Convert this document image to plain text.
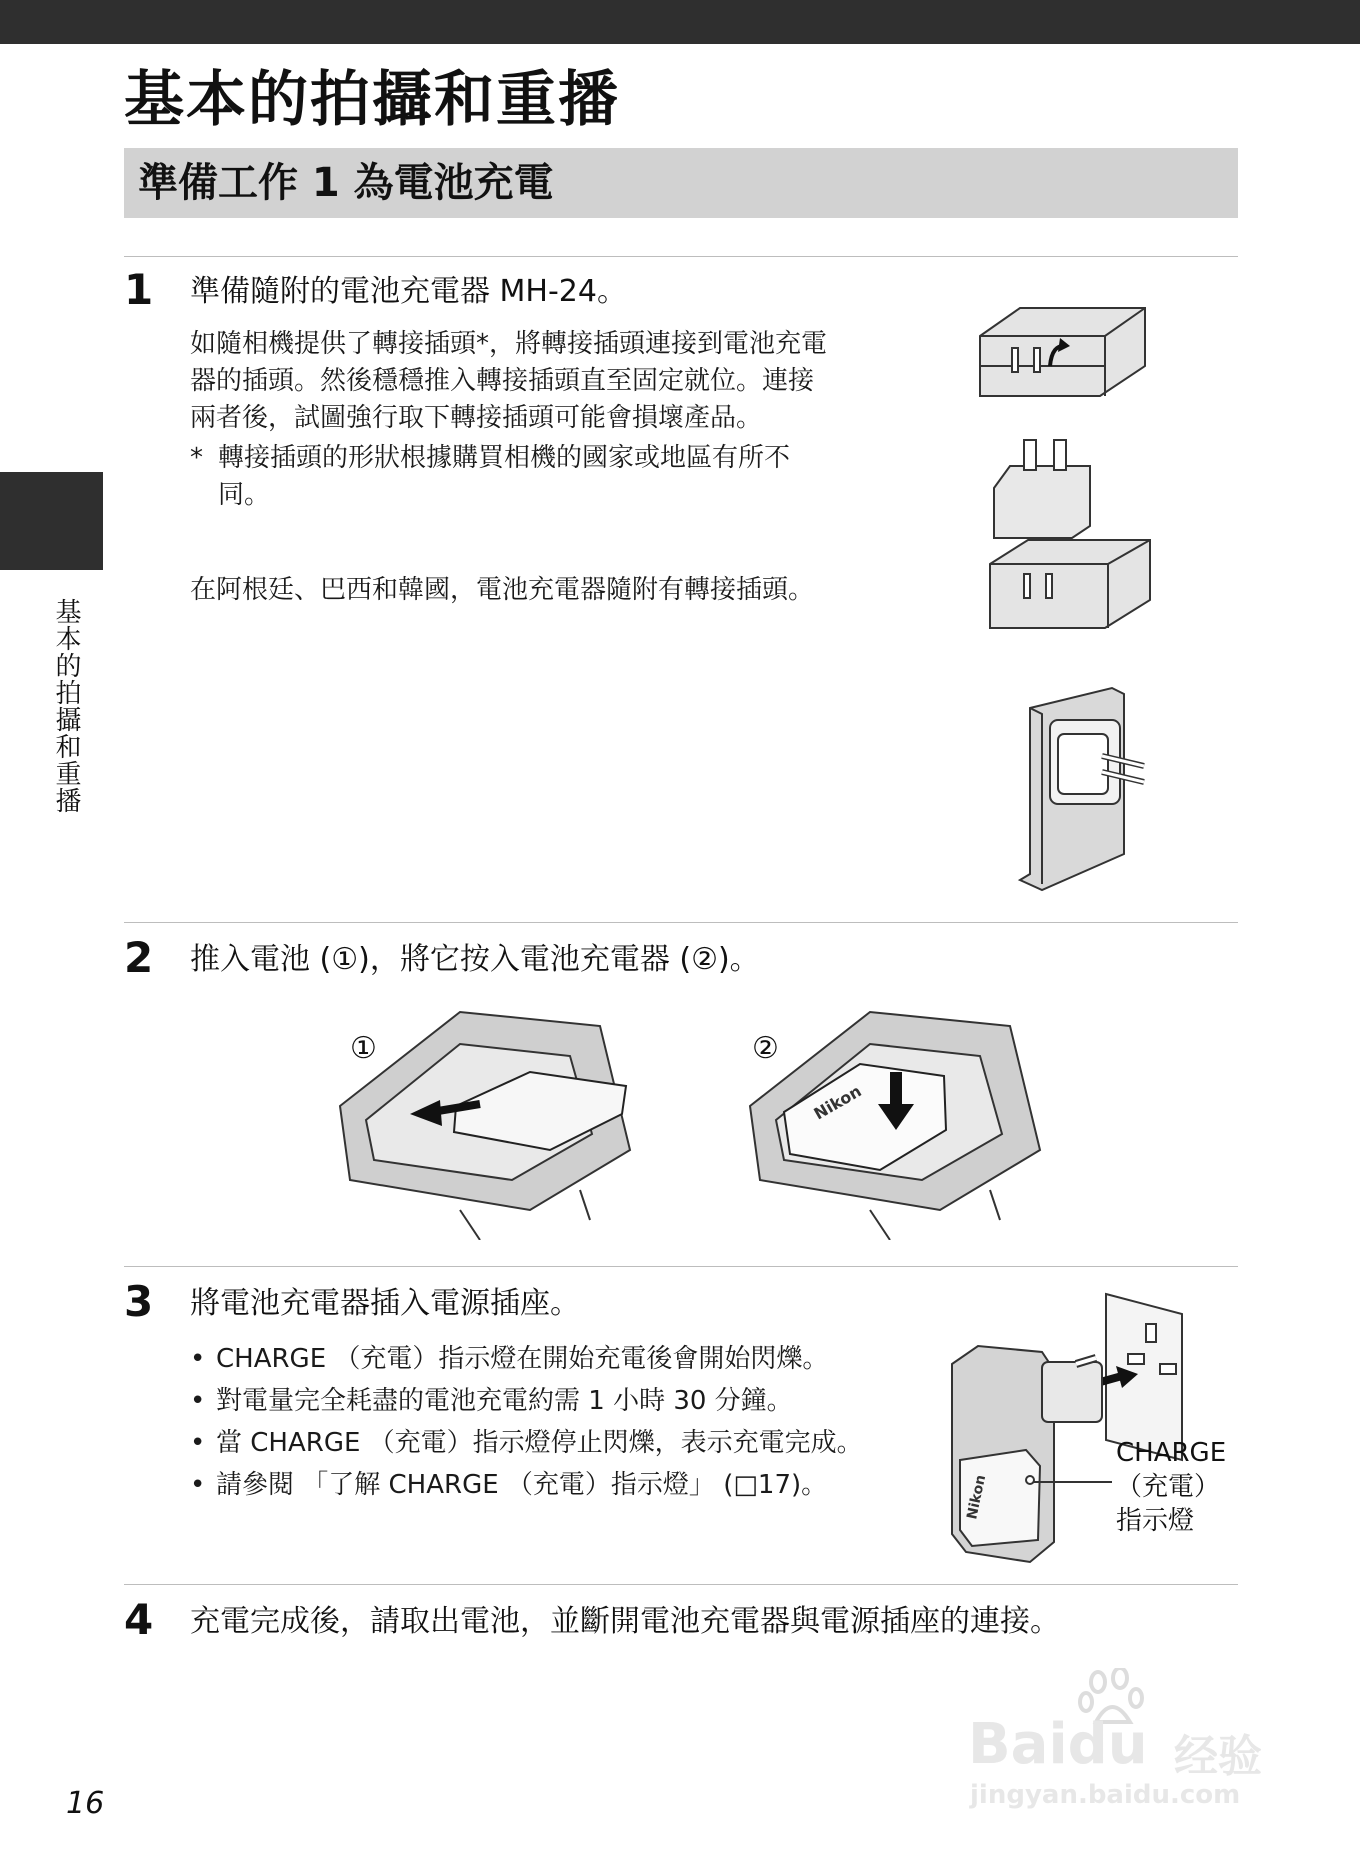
基本的拍攝和重播
準備工作 1 為電池充電
基本的拍攝和重播
1 準備隨附的電池充電器 MH-24。
如隨相機提供了轉接插頭*，將轉接插頭連接到電池充電
器的插頭。然後穩穩推入轉接插頭直至固定就位。連接
兩者後，試圖強行取下轉接插頭可能會損壞產品。
* 轉接插頭的形狀根據購買相機的國家或地區有所不
同。
在阿根廷、巴西和韓國，電池充電器隨附有轉接插頭。
2 推入電池 (①)，將它按入電池充電器 (②)。
①	②
Nikon
3 將電池充電器插入電源插座。
• CHARGE （充電）指示燈在開始充電後會開始閃爍。
• 對電量完全耗盡的電池充電約需 1 小時 30 分鐘。
• 當 CHARGE （充電）指示燈停止閃爍，表示充電完成。
• 請參閱 「了解 CHARGE （充電）指示燈」 (□17)。	Nikon
CHARGE
（充電）
指示燈
4 充電完成後，請取出電池，並斷開電池充電器與電源插座的連接。
16
Baidu 经验
jingyan.baidu.com
